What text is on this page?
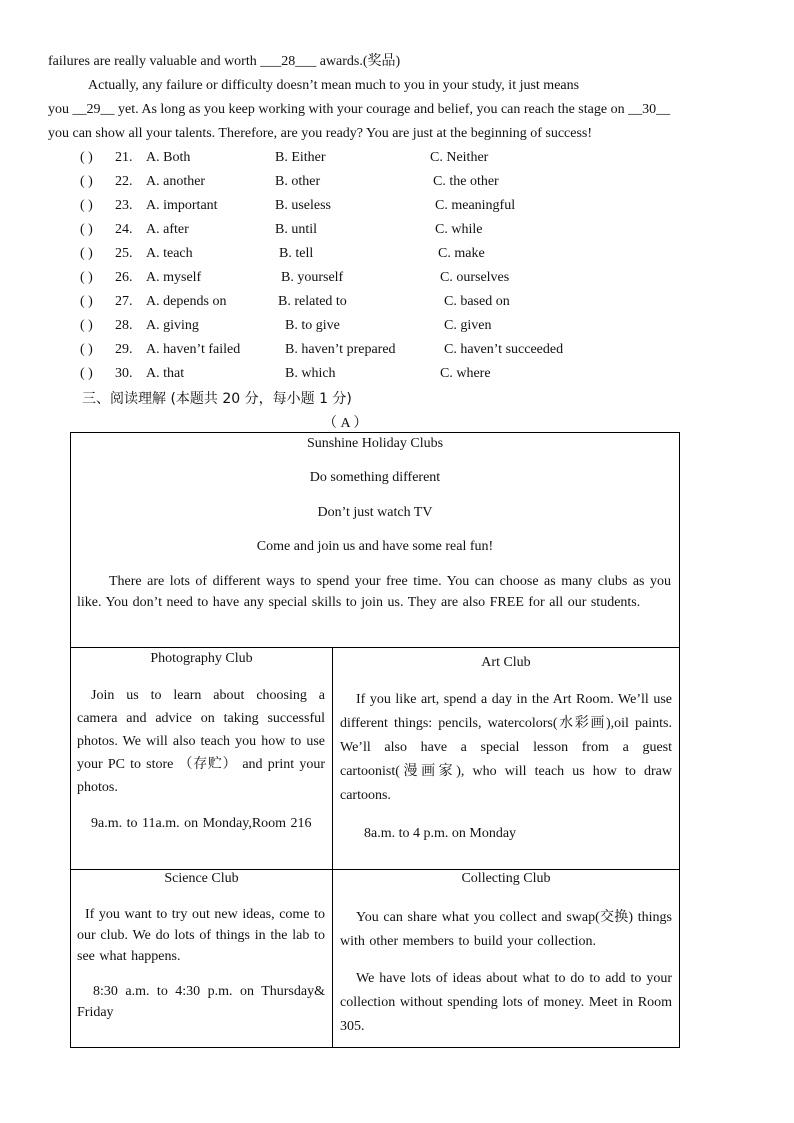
failures are really valuable and worth ___28___ awards.(奖品)
Actually, any failure or difficulty doesn’t mean much to you in your study, it just means
you __29__ yet. As long as you keep working with your courage and belief, you can reach the stage on __30__
you can show all your talents. Therefore, are you ready? You are just at the beginning of success!
( ) 21. A. Both	B. Either	C. Neither
( ) 22. A. another	B. other	C. the other
( ) 23. A. important	B. useless	C. meaningful
( ) 24. A. after	B. until	C. while
( ) 25. A. teach	B. tell	C. make
( ) 26. A. myself	B. yourself	C. ourselves
( ) 27. A. depends on	B. related to	C. based on
( ) 28. A. giving	B. to give	C. given
( ) 29. A. haven’t failed	B. haven’t prepared	C. haven’t succeeded
( ) 30. A. that	B. which	C. where
三、阅读理解 (本题共 20 分，每小题 1 分)
（ A ）
Sunshine Holiday Clubs
Do something different
Don’t just watch TV
Come and join us and have some real fun!
There are lots of different ways to spend your free time. You can choose as many clubs as you like. You don’t need to have any special skills to join us. They are also FREE for all our students.
Photography Club
Join us to learn about choosing a camera and advice on taking successful photos. We will also teach you how to use your PC to store （存贮） and print your photos.
9a.m. to 11a.m. on Monday,Room 216
Art Club
If you like art, spend a day in the Art Room. We’ll use different things: pencils, watercolors(水彩画),oil paints. We’ll also have a special lesson from a guest cartoonist(漫画家), who will teach us how to draw cartoons.
8a.m. to 4 p.m. on Monday
Science Club
If you want to try out new ideas, come to our club. We do lots of things in the lab to see what happens.
8:30 a.m. to 4:30 p.m. on Thursday& Friday
Collecting Club
You can share what you collect and swap(交换) things with other members to build your collection.
We have lots of ideas about what to do to add to your collection without spending lots of money. Meet in Room 305.
